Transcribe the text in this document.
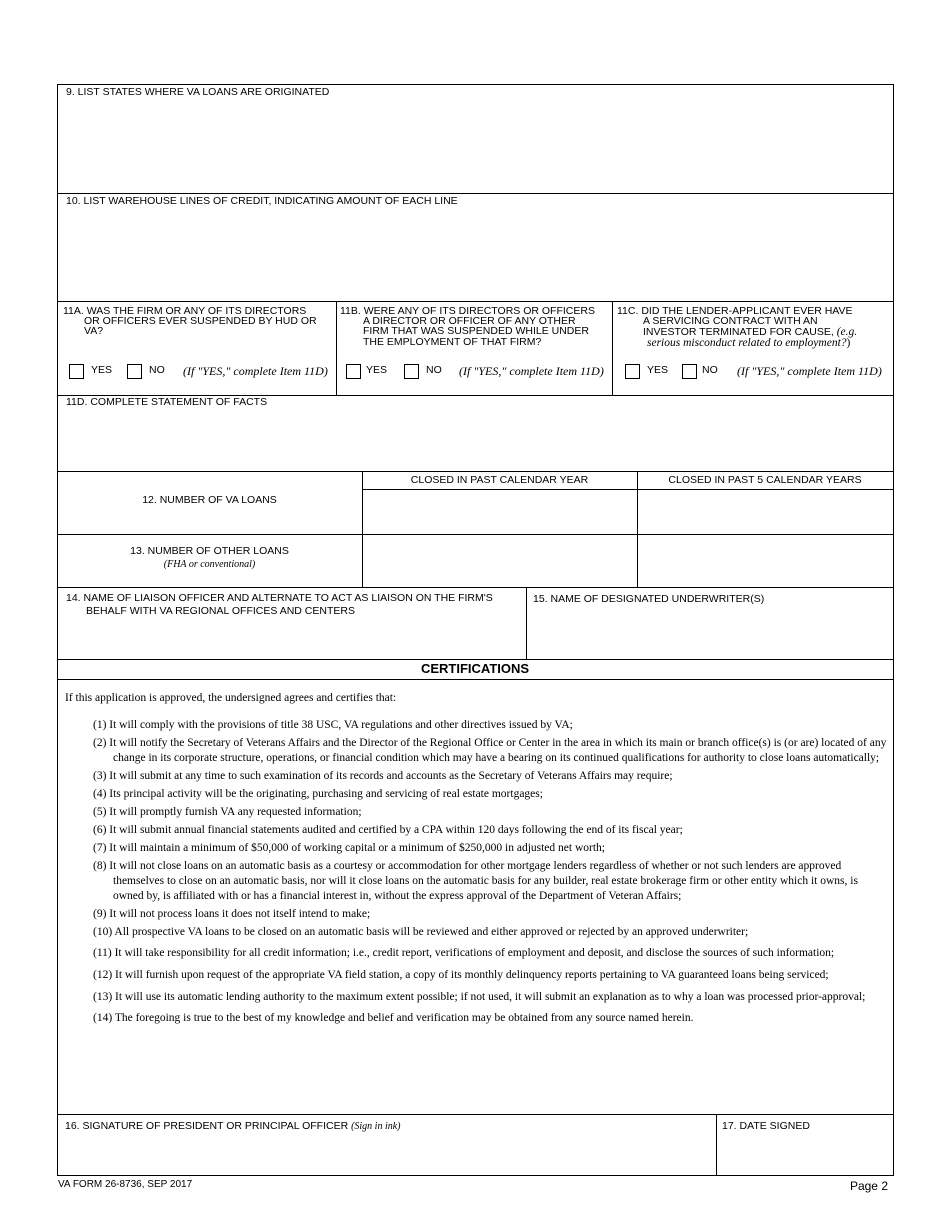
9. LIST STATES WHERE VA LOANS ARE ORIGINATED
10. LIST WAREHOUSE LINES OF CREDIT, INDICATING AMOUNT OF EACH LINE
11A. WAS THE FIRM OR ANY OF ITS DIRECTORS
OR OFFICERS EVER SUSPENDED BY HUD OR
VA?
YES	NO (If "YES," complete Item 11D)
11B. WERE ANY OF ITS DIRECTORS OR OFFICERS
A DIRECTOR OR OFFICER OF ANY OTHER
FIRM THAT WAS SUSPENDED WHILE UNDER
THE EMPLOYMENT OF THAT FIRM?
YES	NO (If "YES," complete Item 11D)
11C. DID THE LENDER-APPLICANT EVER HAVE
A SERVICING CONTRACT WITH AN
INVESTOR TERMINATED FOR CAUSE, (e.g.
serious misconduct related to employment?)
YES	NO (If "YES," complete Item 11D)
11D. COMPLETE STATEMENT OF FACTS
CLOSED IN PAST CALENDAR YEAR	CLOSED IN PAST 5 CALENDAR YEARS
12. NUMBER OF VA LOANS
13. NUMBER OF OTHER LOANS
(FHA or conventional)
14. NAME OF LIAISON OFFICER AND ALTERNATE TO ACT AS LIAISON ON THE FIRM'S
BEHALF WITH VA REGIONAL OFFICES AND CENTERS
15. NAME OF DESIGNATED UNDERWRITER(S)
CERTIFICATIONS
If this application is approved, the undersigned agrees and certifies that:
(1) It will comply with the provisions of title 38 USC, VA regulations and other directives issued by VA;
(2) It will notify the Secretary of Veterans Affairs and the Director of the Regional Office or Center in the area in which its main or branch office(s) is (or are) located of any change in its corporate structure, operations, or financial condition which may have a bearing on its continued qualifications for authority to close loans automatically;
(3) It will submit at any time to such examination of its records and accounts as the Secretary of Veterans Affairs may require;
(4) Its principal activity will be the originating, purchasing and servicing of real estate mortgages;
(5) It will promptly furnish VA any requested information;
(6) It will submit annual financial statements audited and certified by a CPA within 120 days following the end of its fiscal year;
(7) It will maintain a minimum of $50,000 of working capital or a minimum of $250,000 in adjusted net worth;
(8) It will not close loans on an automatic basis as a courtesy or accommodation for other mortgage lenders regardless of whether or not such lenders are approved themselves to close on an automatic basis, nor will it close loans on the automatic basis for any builder, real estate brokerage firm or other entity which it owns, is owned by, is affiliated with or has a financial interest in, without the express approval of the Department of Veteran Affairs;
(9) It will not process loans it does not itself intend to make;
(10) All prospective VA loans to be closed on an automatic basis will be reviewed and either approved or rejected by an approved underwriter;
(11) It will take responsibility for all credit information; i.e., credit report, verifications of employment and deposit, and disclose the sources of such information;
(12) It will furnish upon request of the appropriate VA field station, a copy of its monthly delinquency reports pertaining to VA guaranteed loans being serviced;
(13) It will use its automatic lending authority to the maximum extent possible; if not used, it will submit an explanation as to why a loan was processed prior-approval;
(14) The foregoing is true to the best of my knowledge and belief and verification may be obtained from any source named herein.
16. SIGNATURE OF PRESIDENT OR PRINCIPAL OFFICER (Sign in ink)	17. DATE SIGNED
VA FORM 26-8736, SEP 2017	Page 2
